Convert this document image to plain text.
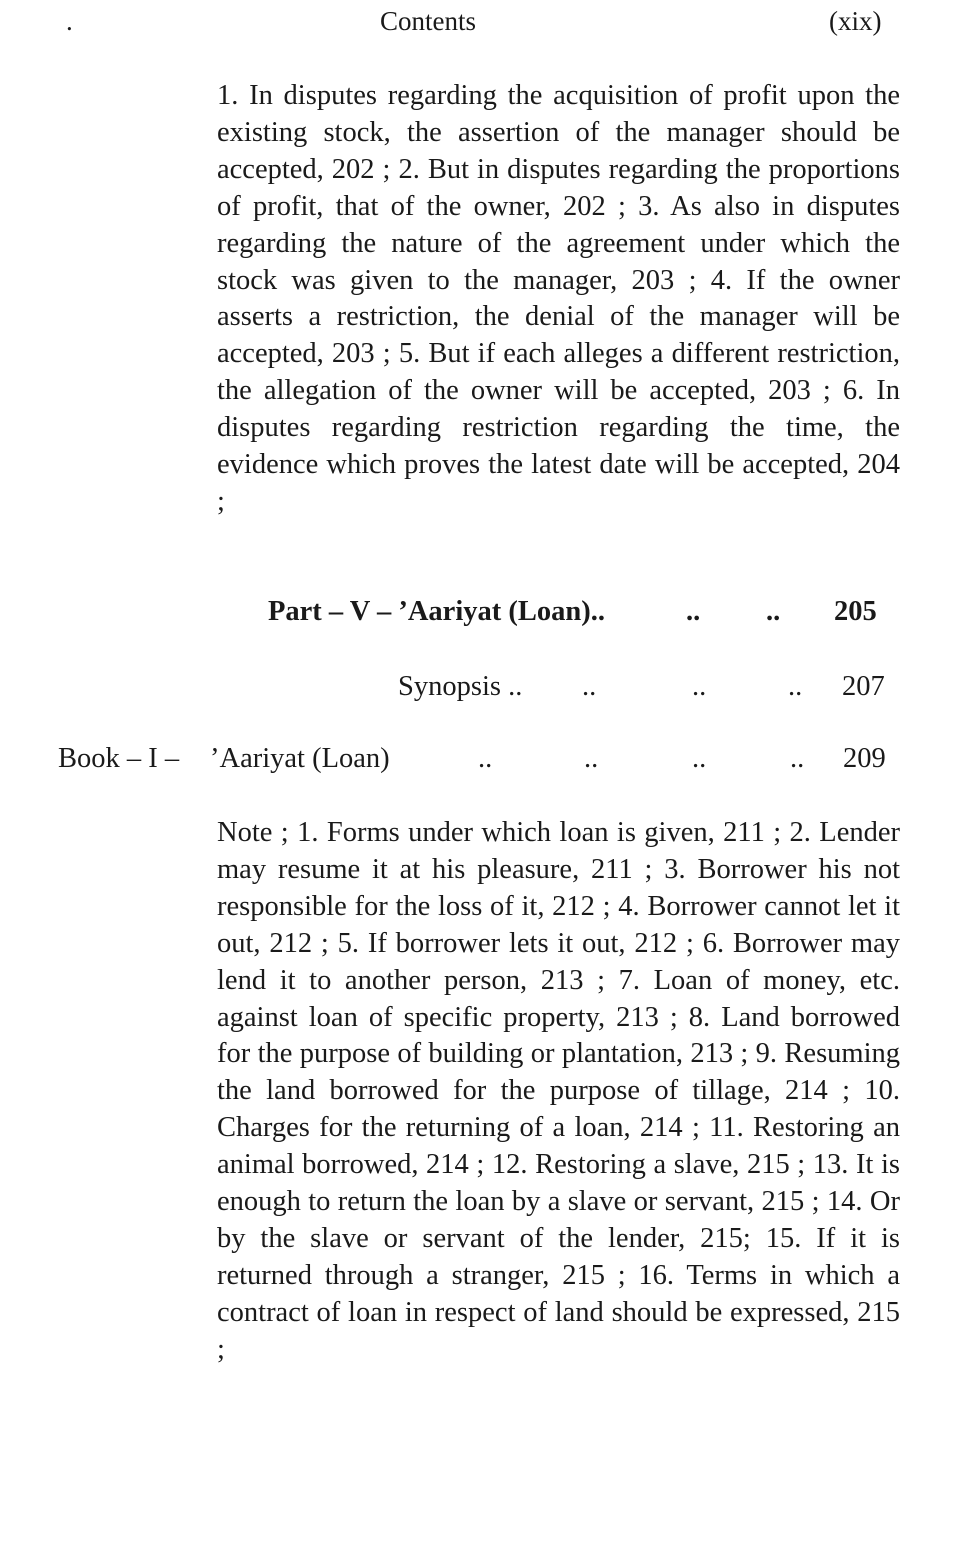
.	Contents	(xix)
1. In disputes regarding the acquisition of profit upon the existing stock, the assertion of the manager should be accepted, 202 ; 2. But in disputes regarding the proportions of profit, that of the owner, 202 ; 3. As also in disputes regarding the nature of the agreement under which the stock was given to the manager, 203 ; 4. If the owner asserts a restriction, the denial of the manager will be accepted, 203 ; 5. But if each alleges a different restriction, the allegation of the owner will be accepted, 203 ; 6. In disputes regarding restriction regarding the time, the evidence which proves the latest date will be accepted, 204 ;
Part – V – ’Aariyat (Loan)..	.. .. 205
Synopsis .. ..	..	.. 207
Book – I – ’Aariyat (Loan)	..	..	..	.. 209
Note ; 1. Forms under which loan is given, 211 ; 2. Lender may resume it at his pleasure, 211 ; 3. Borrower his not responsible for the loss of it, 212 ; 4. Borrower cannot let it out, 212 ; 5. If borrower lets it out, 212 ; 6. Borrower may lend it to another person, 213 ; 7. Loan of money, etc. against loan of specific property, 213 ; 8. Land borrowed for the purpose of building or plantation, 213 ; 9. Resuming the land borrowed for the purpose of tillage, 214 ; 10. Charges for the returning of a loan, 214 ; 11. Restoring an animal borrowed, 214 ; 12. Restoring a slave, 215 ; 13. It is enough to return the loan by a slave or servant, 215 ; 14. Or by the slave or servant of the lender, 215; 15. If it is returned through a stranger, 215 ; 16. Terms in which a contract of loan in respect of land should be expressed, 215 ;
